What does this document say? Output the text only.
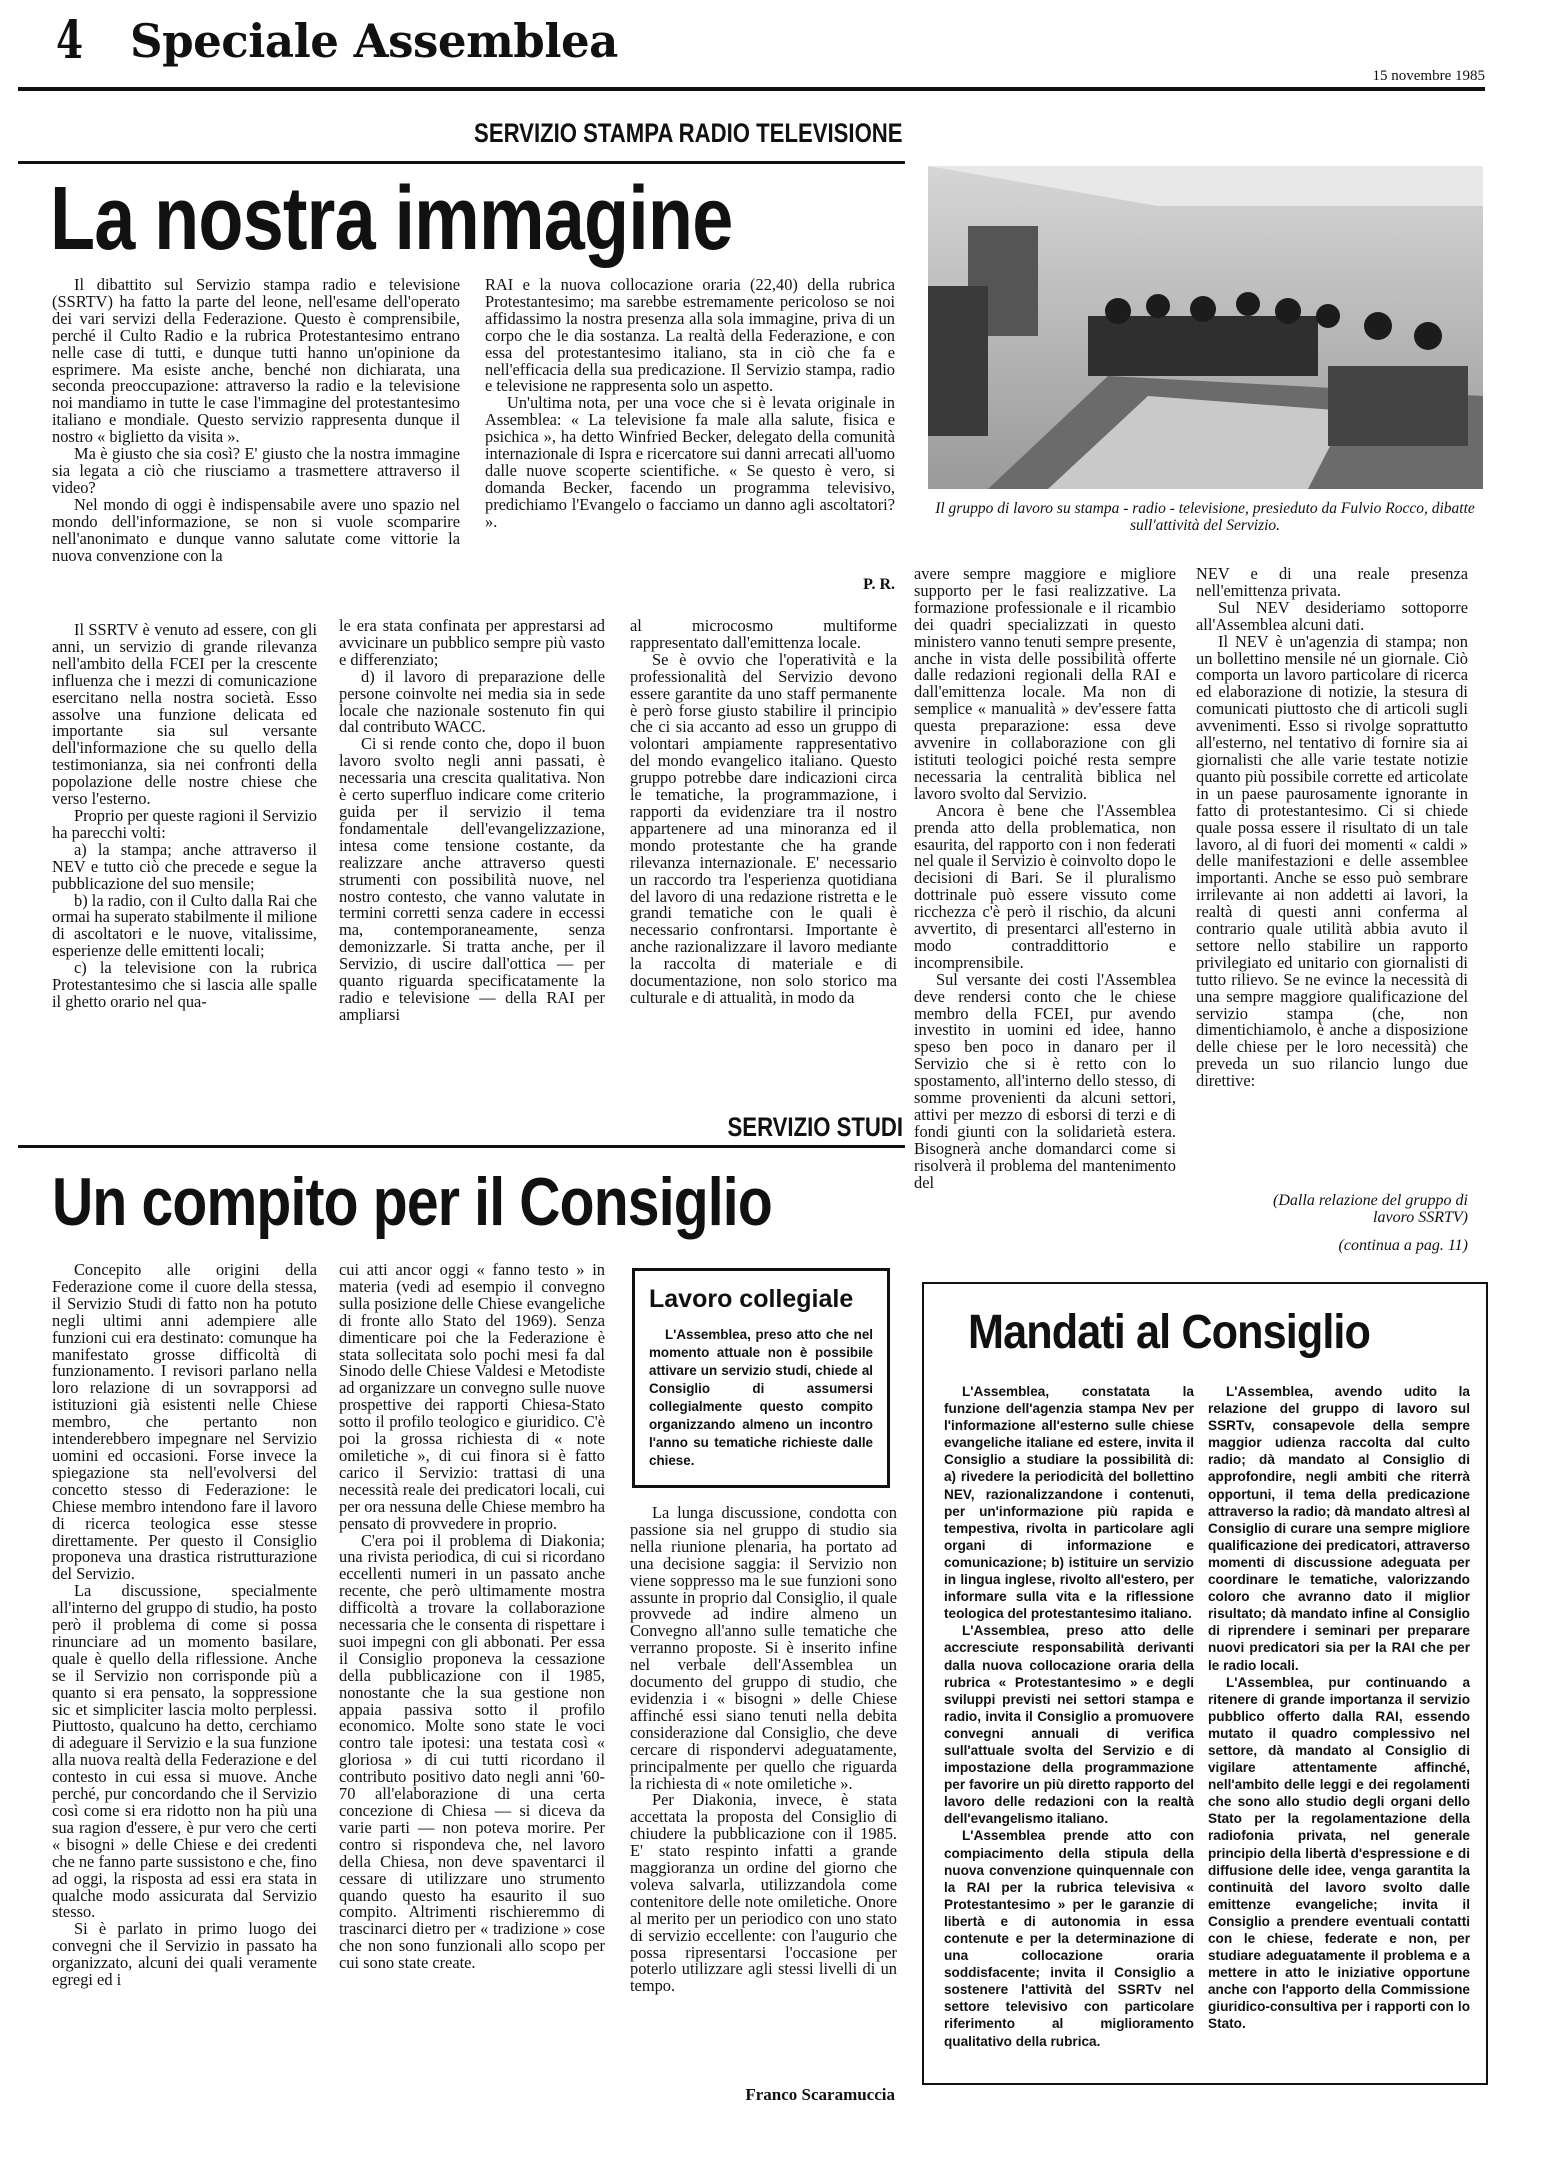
4 Speciale Assemblea
15 novembre 1985
SERVIZIO STAMPA RADIO TELEVISIONE
La nostra immagine
Il gruppo di lavoro su stampa - radio - televisione, presieduto da Fulvio Rocco, dibatte sull'attività del Servizio.

Il dibattito sul Servizio stampa radio e televisione (SSRTV) ha fatto la parte del leone, nell'esame dell'operato dei vari servizi della Federazione. Questo è comprensibile, perché il Culto Radio e la rubrica Protestantesimo entrano nelle case di tutti, e dunque tutti hanno un'opinione da esprimere. Ma esiste anche, benché non dichiarata, una seconda preoccupazione: attraverso la radio e la televisione noi mandiamo in tutte le case l'immagine del protestantesimo italiano e mondiale. Questo servizio rappresenta dunque il nostro « biglietto da visita ».

Ma è giusto che sia così? E' giusto che la nostra immagine sia legata a ciò che riusciamo a trasmettere attraverso il video?

Nel mondo di oggi è indispensabile avere uno spazio nel mondo dell'informazione, se non si vuole scomparire nell'anonimato e dunque vanno salutate come vittorie la nuova convenzione con la

RAI e la nuova collocazione oraria (22,40) della rubrica Protestantesimo; ma sarebbe estremamente pericoloso se noi affidassimo la nostra presenza alla sola immagine, priva di un corpo che le dia sostanza. La realtà della Federazione, e con essa del protestantesimo italiano, sta in ciò che fa e nell'efficacia della sua predicazione. Il Servizio stampa, radio e televisione ne rappresenta solo un aspetto.

Un'ultima nota, per una voce che si è levata originale in Assemblea: « La televisione fa male alla salute, fisica e psichica », ha detto Winfried Becker, delegato della comunità internazionale di Ispra e ricercatore sui danni arrecati all'uomo dalle nuove scoperte scientifiche. « Se questo è vero, si domanda Becker, facendo un programma televisivo, predichiamo l'Evangelo o facciamo un danno agli ascoltatori? ».

P. R.

Il SSRTV è venuto ad essere, con gli anni, un servizio di grande rilevanza nell'ambito della FCEI per la crescente influenza che i mezzi di comunicazione esercitano nella nostra società. Esso assolve una funzione delicata ed importante sia sul versante dell'informazione che su quello della testimonianza, sia nei confronti della popolazione delle nostre chiese che verso l'esterno.

Proprio per queste ragioni il Servizio ha parecchi volti:

a) la stampa; anche attraverso il NEV e tutto ciò che precede e segue la pubblicazione del suo mensile;

b) la radio, con il Culto dalla Rai che ormai ha superato stabilmente il milione di ascoltatori e le nuove, vitalissime, esperienze delle emittenti locali;

c) la televisione con la rubrica Protestantesimo che si lascia alle spalle il ghetto orario nel qua-

le era stata confinata per apprestarsi ad avvicinare un pubblico sempre più vasto e differenziato;

d) il lavoro di preparazione delle persone coinvolte nei media sia in sede locale che nazionale sostenuto fin qui dal contributo WACC.

Ci si rende conto che, dopo il buon lavoro svolto negli anni passati, è necessaria una crescita qualitativa. Non è certo superfluo indicare come criterio guida per il servizio il tema fondamentale dell'evangelizzazione, intesa come tensione costante, da realizzare anche attraverso questi strumenti con possibilità nuove, nel nostro contesto, che vanno valutate in termini corretti senza cadere in eccessi ma, contemporaneamente, senza demonizzarle. Si tratta anche, per il Servizio, di uscire dall'ottica — per quanto riguarda specificatamente la radio e televisione — della RAI per ampliarsi

al microcosmo multiforme rappresentato dall'emittenza locale.

Se è ovvio che l'operatività e la professionalità del Servizio devono essere garantite da uno staff permanente è però forse giusto stabilire il principio che ci sia accanto ad esso un gruppo di volontari ampiamente rappresentativo del mondo evangelico italiano. Questo gruppo potrebbe dare indicazioni circa le tematiche, la programmazione, i rapporti da evidenziare tra il nostro appartenere ad una minoranza ed il mondo protestante che ha grande rilevanza internazionale. E' necessario un raccordo tra l'esperienza quotidiana del lavoro di una redazione ristretta e le grandi tematiche con le quali è necessario confrontarsi. Importante è anche razionalizzare il lavoro mediante la raccolta di materiale e di documentazione, non solo storico ma culturale e di attualità, in modo da

avere sempre maggiore e migliore supporto per le fasi realizzative. La formazione professionale e il ricambio dei quadri specializzati in questo ministero vanno tenuti sempre presente, anche in vista delle possibilità offerte dalle redazioni regionali della RAI e dall'emittenza locale. Ma non di semplice « manualità » dev'essere fatta questa preparazione: essa deve avvenire in collaborazione con gli istituti teologici poiché resta sempre necessaria la centralità biblica nel lavoro svolto dal Servizio.

Ancora è bene che l'Assemblea prenda atto della problematica, non esaurita, del rapporto con i non federati nel quale il Servizio è coinvolto dopo le decisioni di Bari. Se il pluralismo dottrinale può essere vissuto come ricchezza c'è però il rischio, da alcuni avvertito, di presentarci all'esterno in modo contraddittorio e incomprensibile.

Sul versante dei costi l'Assemblea deve rendersi conto che le chiese membro della FCEI, pur avendo investito in uomini ed idee, hanno speso ben poco in danaro per il Servizio che si è retto con lo spostamento, all'interno dello stesso, di somme provenienti da alcuni settori, attivi per mezzo di esborsi di terzi e di fondi giunti con la solidarietà estera. Bisognerà anche domandarci come si risolverà il problema del mantenimento del

NEV e di una reale presenza nell'emittenza privata.

Sul NEV desideriamo sottoporre all'Assemblea alcuni dati.

Il NEV è un'agenzia di stampa; non un bollettino mensile né un giornale. Ciò comporta un lavoro particolare di ricerca ed elaborazione di notizie, la stesura di comunicati piuttosto che di articoli sugli avvenimenti. Esso si rivolge soprattutto all'esterno, nel tentativo di fornire sia ai giornalisti che alle varie testate notizie quanto più possibile corrette ed articolate in un paese paurosamente ignorante in fatto di protestantesimo. Ci si chiede quale possa essere il risultato di un tale lavoro, al di fuori dei momenti « caldi » delle manifestazioni e delle assemblee importanti. Anche se esso può sembrare irrilevante ai non addetti ai lavori, la realtà di questi anni conferma al contrario quale utilità abbia avuto il settore nello stabilire un rapporto privilegiato ed unitario con giornalisti di tutto rilievo. Se ne evince la necessità di una sempre maggiore qualificazione del servizio stampa (che, non dimentichiamolo, è anche a disposizione delle chiese per le loro necessità) che preveda un suo rilancio lungo due direttive:

(Dalla relazione del gruppo di lavoro SSRTV)
(continua a pag. 11)
SERVIZIO STUDI
Un compito per il Consiglio

Concepito alle origini della Federazione come il cuore della stessa, il Servizio Studi di fatto non ha potuto negli ultimi anni adempiere alle funzioni cui era destinato: comunque ha manifestato grosse difficoltà di funzionamento. I revisori parlano nella loro relazione di un sovrapporsi ad istituzioni già esistenti nelle Chiese membro, che pertanto non intenderebbero impegnare nel Servizio uomini ed occasioni. Forse invece la spiegazione sta nell'evolversi del concetto stesso di Federazione: le Chiese membro intendono fare il lavoro di ricerca teologica esse stesse direttamente. Per questo il Consiglio proponeva una drastica ristrutturazione del Servizio.

La discussione, specialmente all'interno del gruppo di studio, ha posto però il problema di come si possa rinunciare ad un momento basilare, quale è quello della riflessione. Anche se il Servizio non corrisponde più a quanto si era pensato, la soppressione sic et simpliciter lascia molto perplessi. Piuttosto, qualcuno ha detto, cerchiamo di adeguare il Servizio e la sua funzione alla nuova realtà della Federazione e del contesto in cui essa si muove. Anche perché, pur concordando che il Servizio così come si era ridotto non ha più una sua ragion d'essere, è pur vero che certi « bisogni » delle Chiese e dei credenti che ne fanno parte sussistono e che, fino ad oggi, la risposta ad essi era stata in qualche modo assicurata dal Servizio stesso.

Si è parlato in primo luogo dei convegni che il Servizio in passato ha organizzato, alcuni dei quali veramente egregi ed i

cui atti ancor oggi « fanno testo » in materia (vedi ad esempio il convegno sulla posizione delle Chiese evangeliche di fronte allo Stato del 1969). Senza dimenticare poi che la Federazione è stata sollecitata solo pochi mesi fa dal Sinodo delle Chiese Valdesi e Metodiste ad organizzare un convegno sulle nuove prospettive dei rapporti Chiesa-Stato sotto il profilo teologico e giuridico. C'è poi la grossa richiesta di « note omiletiche », di cui finora si è fatto carico il Servizio: trattasi di una necessità reale dei predicatori locali, cui per ora nessuna delle Chiese membro ha pensato di provvedere in proprio.

C'era poi il problema di Diakonia; una rivista periodica, di cui si ricordano eccellenti numeri in un passato anche recente, che però ultimamente mostra difficoltà a trovare la collaborazione necessaria che le consenta di rispettare i suoi impegni con gli abbonati. Per essa il Consiglio proponeva la cessazione della pubblicazione con il 1985, nonostante che la sua gestione non appaia passiva sotto il profilo economico. Molte sono state le voci contro tale ipotesi: una testata così « gloriosa » di cui tutti ricordano il contributo positivo dato negli anni '60-70 all'elaborazione di una certa concezione di Chiesa — si diceva da varie parti — non poteva morire. Per contro si rispondeva che, nel lavoro della Chiesa, non deve spaventarci il cessare di utilizzare uno strumento quando questo ha esaurito il suo compito. Altrimenti rischieremmo di trascinarci dietro per « tradizione » cose che non sono funzionali allo scopo per cui sono state create.

Lavoro collegiale
L'Assemblea, preso atto che nel momento attuale non è possibile attivare un servizio studi, chiede al Consiglio di assumersi collegialmente questo compito organizzando almeno un incontro l'anno su tematiche richieste dalle chiese.

La lunga discussione, condotta con passione sia nel gruppo di studio sia nella riunione plenaria, ha portato ad una decisione saggia: il Servizio non viene soppresso ma le sue funzioni sono assunte in proprio dal Consiglio, il quale provvede ad indire almeno un Convegno all'anno sulle tematiche che verranno proposte. Si è inserito infine nel verbale dell'Assemblea un documento del gruppo di studio, che evidenzia i « bisogni » delle Chiese affinché essi siano tenuti nella debita considerazione dal Consiglio, che deve cercare di rispondervi adeguatamente, principalmente per quello che riguarda la richiesta di « note omiletiche ».

Per Diakonia, invece, è stata accettata la proposta del Consiglio di chiudere la pubblicazione con il 1985. E' stato respinto infatti a grande maggioranza un ordine del giorno che voleva salvarla, utilizzandola come contenitore delle note omiletiche. Onore al merito per un periodico con uno stato di servizio eccellente: con l'augurio che possa ripresentarsi l'occasione per poterlo utilizzare agli stessi livelli di un tempo.

Franco Scaramuccia
Mandati al Consiglio

L'Assemblea, constatata la funzione dell'agenzia stampa Nev per l'informazione all'esterno sulle chiese evangeliche italiane ed estere, invita il Consiglio a studiare la possibilità di: a) rivedere la periodicità del bollettino NEV, razionalizzandone i contenuti, per un'informazione più rapida e tempestiva, rivolta in particolare agli organi di informazione e comunicazione; b) istituire un servizio in lingua inglese, rivolto all'estero, per informare sulla vita e la riflessione teologica del protestantesimo italiano.

L'Assemblea, preso atto delle accresciute responsabilità derivanti dalla nuova collocazione oraria della rubrica « Protestantesimo » e degli sviluppi previsti nei settori stampa e radio, invita il Consiglio a promuovere convegni annuali di verifica sull'attuale svolta del Servizio e di impostazione della programmazione per favorire un più diretto rapporto del lavoro delle redazioni con la realtà dell'evangelismo italiano.

L'Assemblea prende atto con compiacimento della stipula della nuova convenzione quinquennale con la RAI per la rubrica televisiva « Protestantesimo » per le garanzie di libertà e di autonomia in essa contenute e per la determinazione di una collocazione oraria soddisfacente; invita il Consiglio a sostenere l'attività del SSRTv nel settore televisivo con particolare riferimento al miglioramento qualitativo della rubrica.

L'Assemblea, avendo udito la relazione del gruppo di lavoro sul SSRTv, consapevole della sempre maggior udienza raccolta dal culto radio; dà mandato al Consiglio di approfondire, negli ambiti che riterrà opportuni, il tema della predicazione attraverso la radio; dà mandato altresì al Consiglio di curare una sempre migliore qualificazione dei predicatori, attraverso momenti di discussione adeguata per coordinare le tematiche, valorizzando coloro che avranno dato il miglior risultato; dà mandato infine al Consiglio di riprendere i seminari per preparare nuovi predicatori sia per la RAI che per le radio locali.

L'Assemblea, pur continuando a ritenere di grande importanza il servizio pubblico offerto dalla RAI, essendo mutato il quadro complessivo nel settore, dà mandato al Consiglio di vigilare attentamente affinché, nell'ambito delle leggi e dei regolamenti che sono allo studio degli organi dello Stato per la regolamentazione della radiofonia privata, nel generale principio della libertà d'espressione e di diffusione delle idee, venga garantita la continuità del lavoro svolto dalle emittenze evangeliche; invita il Consiglio a prendere eventuali contatti con le chiese, federate e non, per studiare adeguatamente il problema e a mettere in atto le iniziative opportune anche con l'apporto della Commissione giuridico-consultiva per i rapporti con lo Stato.
